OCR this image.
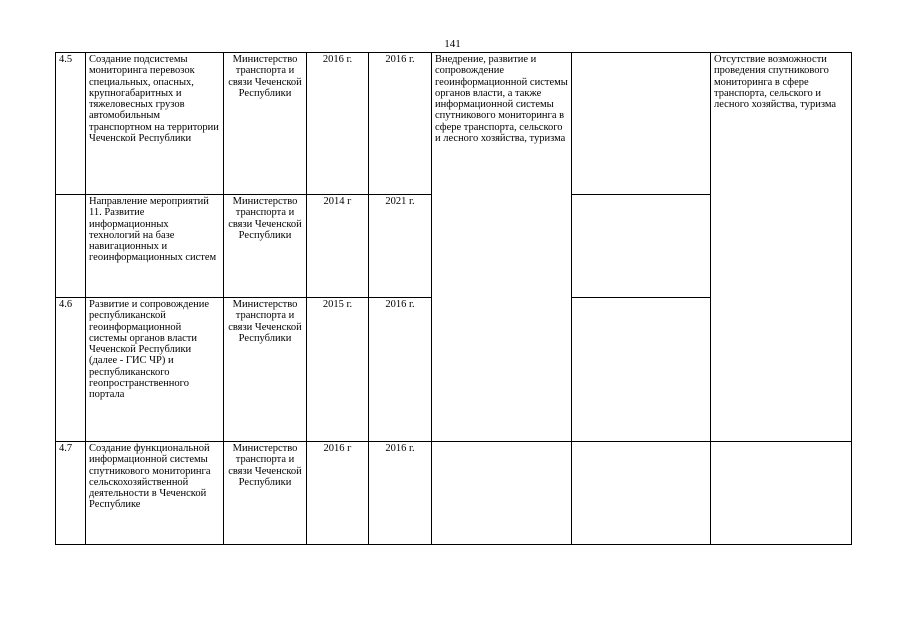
141
4.5	Создание подсистемы мониторинга перевозок специальных, опасных, крупногабаритных и тяжеловесных грузов автомобильным транспортном на территории Чеченской Республики	Министерство транспорта и связи Чеченской Республики	2016 г.	2016 г.	Внедрение, развитие и сопровождение геоинформационной системы органов власти, а также информационной системы спутникового мониторинга в сфере транспорта, сельского и лесного хозяйства, туризма		Отсутствие возможности проведения спутникового мониторинга в сфере транспорта, сельского и лесного хозяйства, туризма
	Направление мероприятий 11. Развитие информационных технологий на базе навигационных и геоинформационных систем	Министерство транспорта и связи Чеченской Республики	2014 г	2021 г.			
4.6	Развитие и сопровождение республиканской геоинформационной системы органов власти Чеченской Республики (далее - ГИС ЧР) и республиканского геопространственного портала	Министерство транспорта и связи Чеченской Республики	2015 г.	2016 г.			
4.7	Создание функциональной информационной системы спутникового мониторинга сельскохозяйственной деятельности в Чеченской Республике	Министерство транспорта и связи Чеченской Республики	2016 г	2016 г.			
